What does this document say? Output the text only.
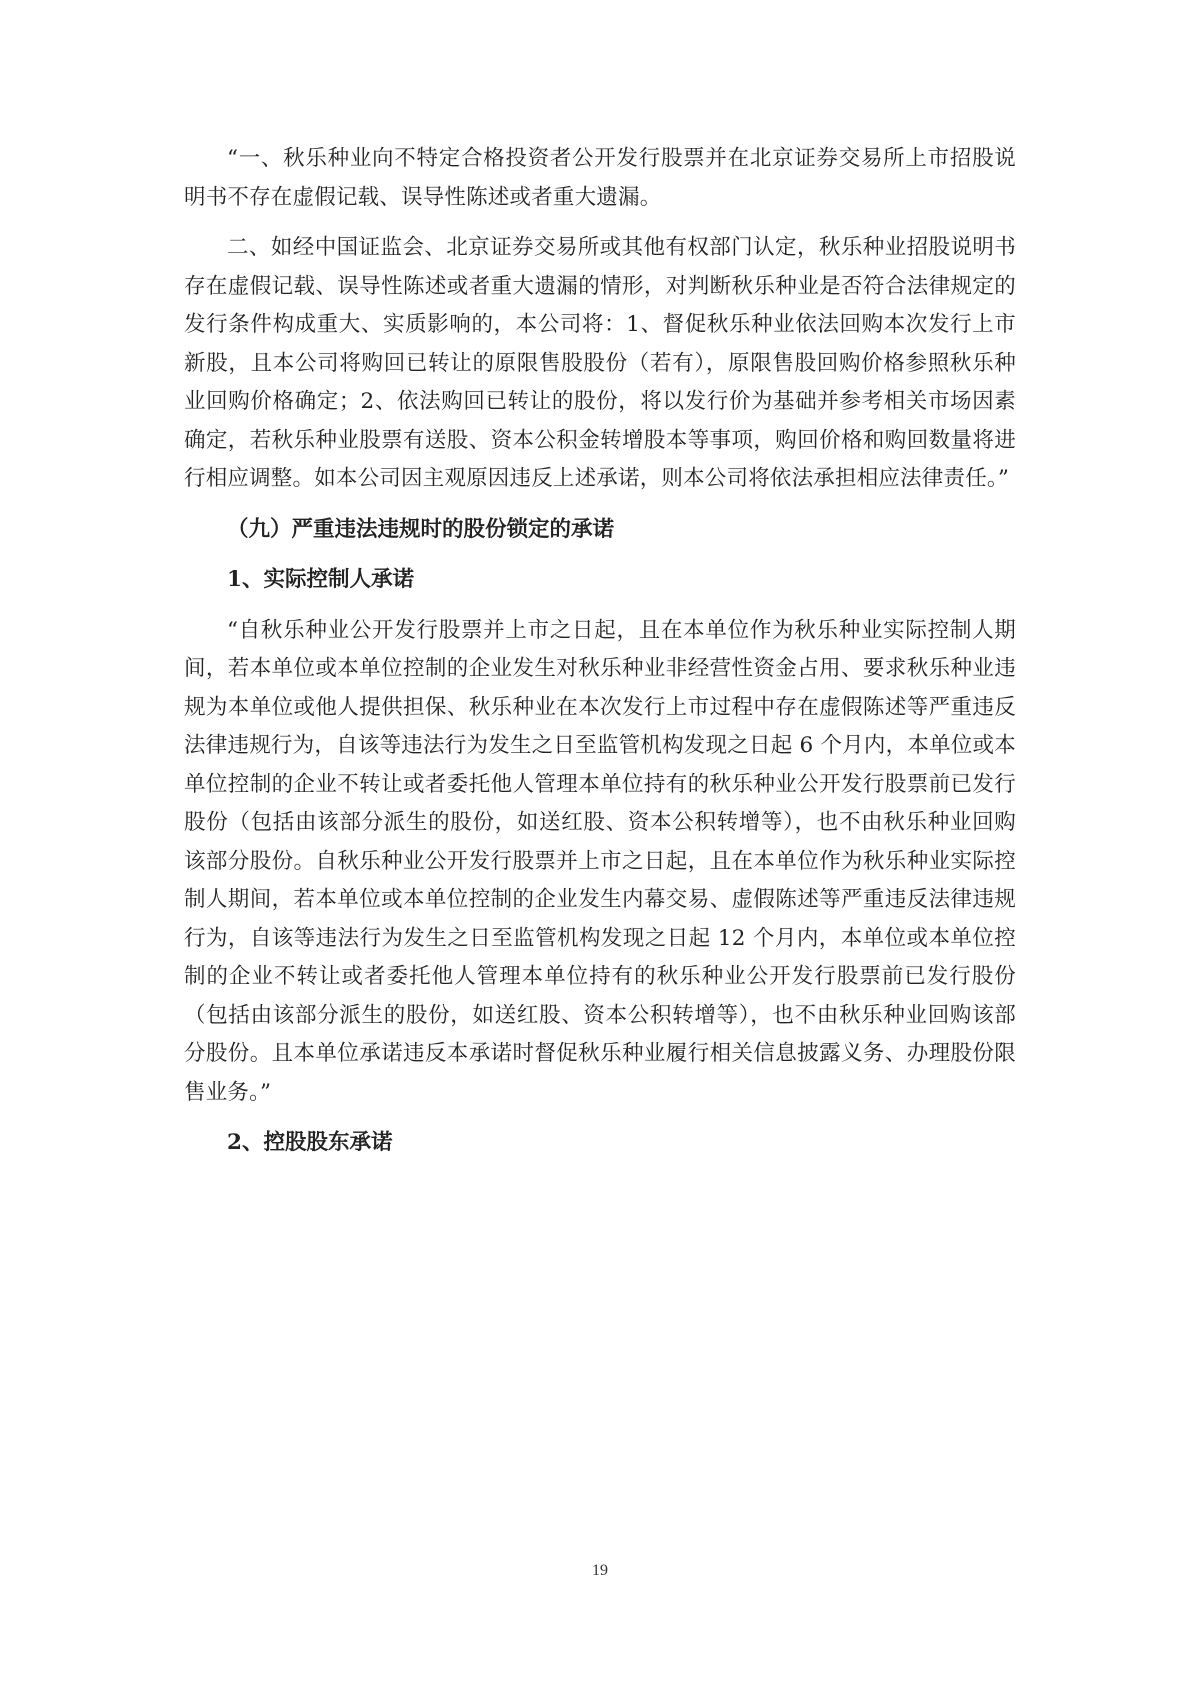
“一、秋乐种业向不特定合格投资者公开发行股票并在北京证券交易所上市招股说明书不存在虚假记载、误导性陈述或者重大遗漏。

二、如经中国证监会、北京证券交易所或其他有权部门认定，秋乐种业招股说明书存在虚假记载、误导性陈述或者重大遗漏的情形，对判断秋乐种业是否符合法律规定的发行条件构成重大、实质影响的，本公司将：1、督促秋乐种业依法回购本次发行上市新股，且本公司将购回已转让的原限售股股份（若有），原限售股回购价格参照秋乐种业回购价格确定；2、依法购回已转让的股份，将以发行价为基础并参考相关市场因素确定，若秋乐种业股票有送股、资本公积金转增股本等事项，购回价格和购回数量将进行相应调整。如本公司因主观原因违反上述承诺，则本公司将依法承担相应法律责任。”

（九）严重违法违规时的股份锁定的承诺

1、实际控制人承诺

“自秋乐种业公开发行股票并上市之日起，且在本单位作为秋乐种业实际控制人期间，若本单位或本单位控制的企业发生对秋乐种业非经营性资金占用、要求秋乐种业违规为本单位或他人提供担保、秋乐种业在本次发行上市过程中存在虚假陈述等严重违反法律违规行为，自该等违法行为发生之日至监管机构发现之日起 6 个月内，本单位或本单位控制的企业不转让或者委托他人管理本单位持有的秋乐种业公开发行股票前已发行股份（包括由该部分派生的股份，如送红股、资本公积转增等），也不由秋乐种业回购该部分股份。自秋乐种业公开发行股票并上市之日起，且在本单位作为秋乐种业实际控制人期间，若本单位或本单位控制的企业发生内幕交易、虚假陈述等严重违反法律违规行为，自该等违法行为发生之日至监管机构发现之日起 12 个月内，本单位或本单位控制的企业不转让或者委托他人管理本单位持有的秋乐种业公开发行股票前已发行股份（包括由该部分派生的股份，如送红股、资本公积转增等），也不由秋乐种业回购该部分股份。且本单位承诺违反本承诺时督促秋乐种业履行相关信息披露义务、办理股份限售业务。”

2、控股股东承诺

19
